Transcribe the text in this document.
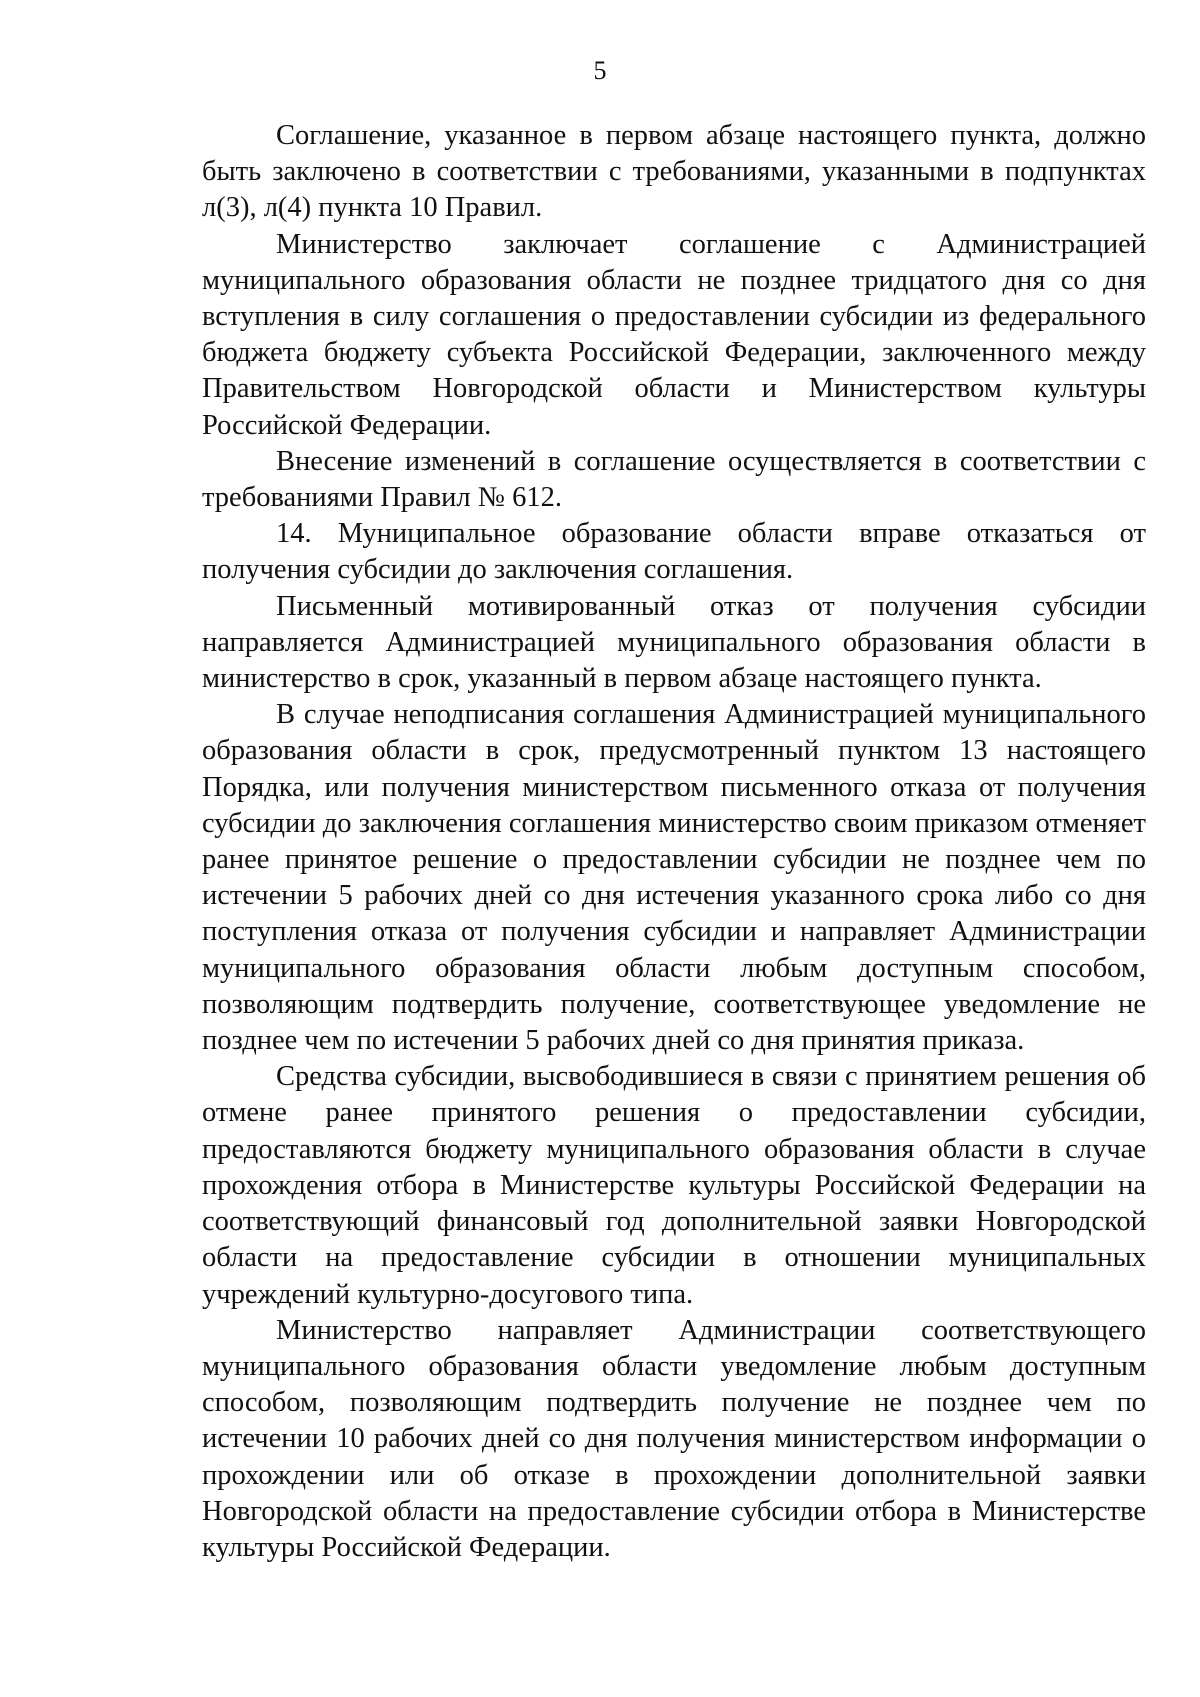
5

Соглашение, указанное в первом абзаце настоящего пункта, должно быть заключено в соответствии с требованиями, указанными в подпунктах л(3), л(4) пункта 10 Правил.

Министерство заключает соглашение с Администрацией муниципального образования области не позднее тридцатого дня со дня вступления в силу соглашения о предоставлении субсидии из федерального бюджета бюджету субъекта Российской Федерации, заключенного между Правительством Новгородской области и Министерством культуры Российской Федерации.

Внесение изменений в соглашение осуществляется в соответствии с требованиями Правил № 612.

14. Муниципальное образование области вправе отказаться от получения субсидии до заключения соглашения.

Письменный мотивированный отказ от получения субсидии направляется Администрацией муниципального образования области в министерство в срок, указанный в первом абзаце настоящего пункта.

В случае неподписания соглашения Администрацией муниципального образования области в срок, предусмотренный пунктом 13 настоящего Порядка, или получения министерством письменного отказа от получения субсидии до заключения соглашения министерство своим приказом отменяет ранее принятое решение о предоставлении субсидии не позднее чем по истечении 5 рабочих дней со дня истечения указанного срока либо со дня поступления отказа от получения субсидии и направляет Администрации муниципального образования области любым доступным способом, позволяющим подтвердить получение, соответствующее уведомление не позднее чем по истечении 5 рабочих дней со дня принятия приказа.

Средства субсидии, высвободившиеся в связи с принятием решения об отмене ранее принятого решения о предоставлении субсидии, предоставляются бюджету муниципального образования области в случае прохождения отбора в Министерстве культуры Российской Федерации на соответствующий финансовый год дополнительной заявки Новгородской области на предоставление субсидии в отношении муниципальных учреждений культурно-досугового типа.

Министерство направляет Администрации соответствующего муниципального образования области уведомление любым доступным способом, позволяющим подтвердить получение не позднее чем по истечении 10 рабочих дней со дня получения министерством информации о прохождении или об отказе в прохождении дополнительной заявки Новгородской области на предоставление субсидии отбора в Министерстве культуры Российской Федерации.
